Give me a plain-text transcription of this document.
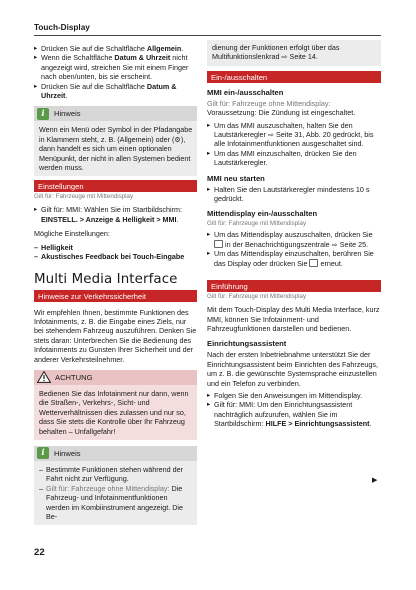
Touch-Display
▸ Drücken Sie auf die Schaltfläche Allgemein.
▸ Wenn die Schaltfläche Datum & Uhrzeit nicht angezeigt wird, streichen Sie mit einem Finger nach oben/unten, bis sie erscheint.
▸ Drücken Sie auf die Schaltfläche Datum & Uhrzeit.
i	Hinweis
Wenn ein Menü oder Symbol in der Pfadangabe in Klammern steht, z. B. (Allgemein) oder (⚙), dann handelt es sich um einen optionalen Menüpunkt, der nicht in allen Systemen bedient werden muss.
Einstellungen
Gilt für: Fahrzeuge mit Mittendisplay
▸ Gilt für: MMI: Wählen Sie im Startbildschirm: EINSTELL. > Anzeige & Helligkeit > MMI.

Mögliche Einstellungen:

– Helligkeit
– Akustisches Feedback bei Touch-Eingabe
Multi Media Interface
Hinweise zur Verkehrssicherheit

Wir empfehlen Ihnen, bestimmte Funktionen des Infotainments, z. B. die Eingabe eines Ziels, nur bei stehendem Fahrzeug auszuführen. Denken Sie stets daran: Unterbrechen Sie die Bedienung des Infotainments zu Gunsten Ihrer Sicherheit und der anderer Verkehrsteilnehmer.

ACHTUNG
Bedienen Sie das Infotainment nur dann, wenn die Straßen-, Verkehrs-, Sicht- und Wetterverhältnissen dies zulassen und nur so, dass Sie stets die Kontrolle über Ihr Fahrzeug behalten – Unfallgefahr!
i	Hinweis
– Bestimmte Funktionen stehen während der Fahrt nicht zur Verfügung.
– Gilt für: Fahrzeuge ohne Mittendisplay: Die Fahrzeug- und Infotainmentfunktionen werden im Kombiinstrument angezeigt. Die Be-
dienung der Funktionen erfolgt über das Multifunktionslenkrad ⇨ Seite 14.
Ein-/ausschalten
MMI ein-/ausschalten

Gilt für: Fahrzeuge ohne Mittendisplay: Voraussetzung: Die Zündung ist eingeschaltet.

▸ Um das MMI auszuschalten, halten Sie den Lautstärkeregler ⇨ Seite 31, Abb. 20 gedrückt, bis alle Infotainmentfunktionen ausgeschaltet sind.
▸ Um das MMI einzuschalten, drücken Sie den Lautstärkeregler.
MMI neu starten
▸ Halten Sie den Lautstärkeregler mindestens 10 s gedrückt.
Mittendisplay ein-/ausschalten
Gilt für: Fahrzeuge mit Mittendisplay
▸ Um das Mittendisplay auszuschalten, drücken Sie  in der Benachrichtigungszentrale ⇨ Seite 25.
▸ Um das Mittendisplay einzuschalten, berühren Sie das Display oder drücken Sie  erneut.
Einführung
Gilt für: Fahrzeuge mit Mittendisplay

Mit dem Touch-Display des Multi Media Interface, kurz MMI, können Sie Infotainment- und Fahrzeugfunktionen darstellen und bedienen.

Einrichtungsassistent

Nach der ersten Inbetriebnahme unterstützt Sie der Einrichtungsassistent beim Einrichten des Fahrzeugs, um z. B. die gewünschte Systemsprache einzustellen und ein Telefon zu verbinden.

▸ Folgen Sie den Anweisungen im Mittendisplay.
▸ Gilt für: MMI: Um den Einrichtungsassistent nachträglich aufzurufen, wählen Sie im Startbildschirm: HILFE > Einrichtungsassistent.
▶
22
